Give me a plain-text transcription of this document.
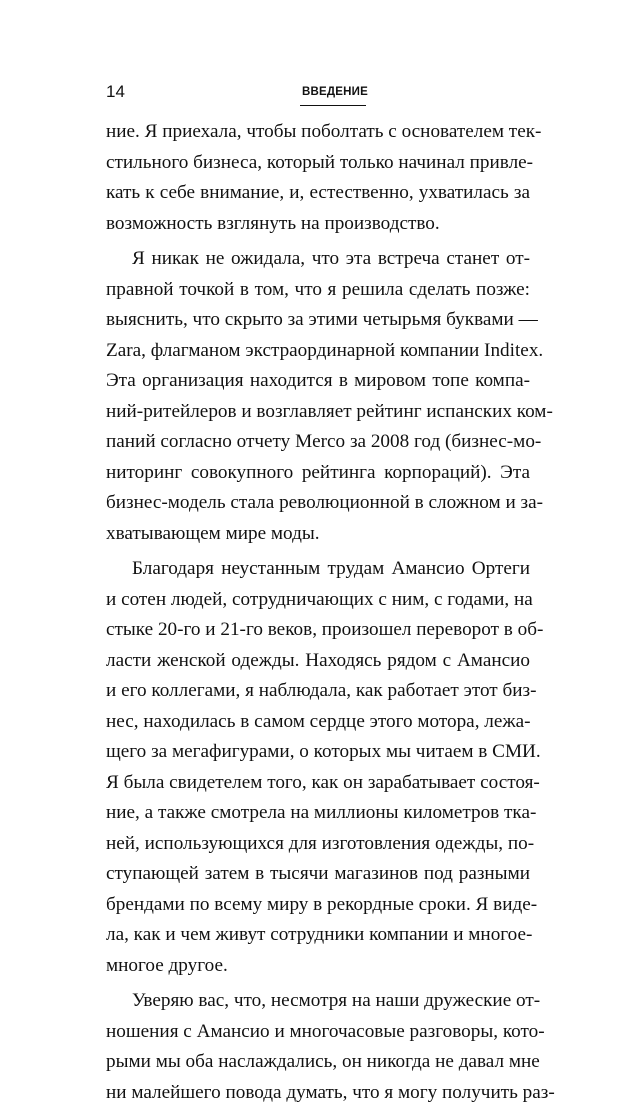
14	ВВЕДЕНИЕ
ние. Я приехала, чтобы поболтать с основателем тек-
стильного бизнеса, который только начинал привле-
кать к себе внимание, и, естественно, ухватилась за
возможность взглянуть на производство.
Я никак не ожидала, что эта встреча станет от-
правной точкой в том, что я решила сделать позже:
выяснить, что скрыто за этими четырьмя буквами —
Zara, флагманом экстраординарной компании Inditex.
Эта организация находится в мировом топе компа-
ний-ритейлеров и возглавляет рейтинг испанских ком-
паний согласно отчету Merco за 2008 год (бизнес-мо-
ниторинг совокупного рейтинга корпораций). Эта
бизнес-модель стала революционной в сложном и за-
хватывающем мире моды.
Благодаря неустанным трудам Амансио Ортеги
и сотен людей, сотрудничающих с ним, с годами, на
стыке 20-го и 21-го веков, произошел переворот в об-
ласти женской одежды. Находясь рядом с Амансио
и его коллегами, я наблюдала, как работает этот биз-
нес, находилась в самом сердце этого мотора, лежа-
щего за мегафигурами, о которых мы читаем в СМИ.
Я была свидетелем того, как он зарабатывает состоя-
ние, а также смотрела на миллионы километров тка-
ней, использующихся для изготовления одежды, по-
ступающей затем в тысячи магазинов под разными
брендами по всему миру в рекордные сроки. Я виде-
ла, как и чем живут сотрудники компании и многое-
многое другое.
Уверяю вас, что, несмотря на наши дружеские от-
ношения с Амансио и многочасовые разговоры, кото-
рыми мы оба наслаждались, он никогда не давал мне
ни малейшего повода думать, что я могу получить раз-
